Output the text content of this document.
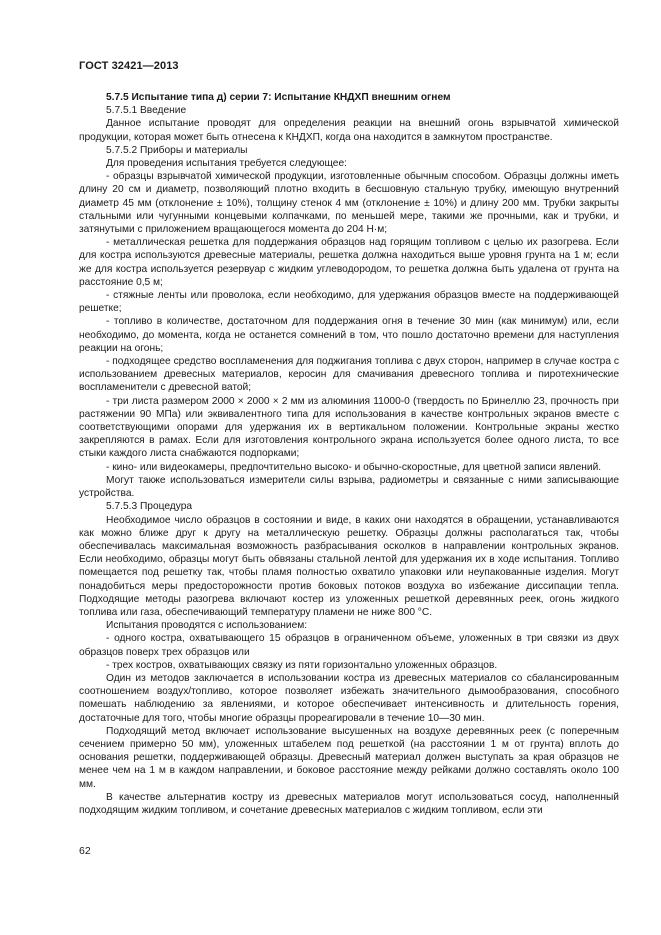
ГОСТ 32421—2013

5.7.5 Испытание типа д) серии 7: Испытание КНДХП внешним огнем

5.7.5.1 Введение

Данное испытание проводят для определения реакции на внешний огонь взрывчатой химической продукции, которая может быть отнесена к КНДХП, когда она находится в замкнутом пространстве.

5.7.5.2 Приборы и материалы

Для проведения испытания требуется следующее:

- образцы взрывчатой химической продукции, изготовленные обычным способом. Образцы должны иметь длину 20 см и диаметр, позволяющий плотно входить в бесшовную стальную трубку, имеющую внутренний диаметр 45 мм (отклонение ± 10%), толщину стенок 4 мм (отклонение ± 10%) и длину 200 мм. Трубки закрыты стальными или чугунными концевыми колпачками, по меньшей мере, такими же прочными, как и трубки, и затянутыми с приложением вращающегося момента до 204 Н·м;

- металлическая решетка для поддержания образцов над горящим топливом с целью их разогрева. Если для костра используются древесные материалы, решетка должна находиться выше уровня грунта на 1 м; если же для костра используется резервуар с жидким углеводородом, то решетка должна быть удалена от грунта на расстояние 0,5 м;

- стяжные ленты или проволока, если необходимо, для удержания образцов вместе на поддерживающей решетке;

- топливо в количестве, достаточном для поддержания огня в течение 30 мин (как минимум) или, если необходимо, до момента, когда не останется сомнений в том, что пошло достаточно времени для наступления реакции на огонь;

- подходящее средство воспламенения для поджигания топлива с двух сторон, например в случае костра с использованием древесных материалов, керосин для смачивания древесного топлива и пиротехнические воспламенители с древесной ватой;

- три листа размером 2000 × 2000 × 2 мм из алюминия 11000-0 (твердость по Бринеллю 23, прочность при растяжении 90 МПа) или эквивалентного типа для использования в качестве контрольных экранов вместе с соответствующими опорами для удержания их в вертикальном положении. Контрольные экраны жестко закрепляются в рамах. Если для изготовления контрольного экрана используется более одного листа, то все стыки каждого листа снабжаются подпорками;

- кино- или видеокамеры, предпочтительно высоко- и обычно-скоростные, для цветной записи явлений.

Могут также использоваться измерители силы взрыва, радиометры и связанные с ними записывающие устройства.

5.7.5.3 Процедура

Необходимое число образцов в состоянии и виде, в каких они находятся в обращении, устанавливаются как можно ближе друг к другу на металлическую решетку. Образцы должны располагаться так, чтобы обеспечивалась максимальная возможность разбрасывания осколков в направлении контрольных экранов. Если необходимо, образцы могут быть обвязаны стальной лентой для удержания их в ходе испытания. Топливо помещается под решетку так, чтобы пламя полностью охватило упаковки или неупакованные изделия. Могут понадобиться меры предосторожности против боковых потоков воздуха во избежание диссипации тепла. Подходящие методы разогрева включают костер из уложенных решеткой деревянных реек, огонь жидкого топлива или газа, обеспечивающий температуру пламени не ниже 800 °С.

Испытания проводятся с использованием:

- одного костра, охватывающего 15 образцов в ограниченном объеме, уложенных в три связки из двух образцов поверх трех образцов или

- трех костров, охватывающих связку из пяти горизонтально уложенных образцов.

Один из методов заключается в использовании костра из древесных материалов со сбалансированным соотношением воздух/топливо, которое позволяет избежать значительного дымообразования, способного помешать наблюдению за явлениями, и которое обеспечивает интенсивность и длительность горения, достаточные для того, чтобы многие образцы прореагировали в течение 10—30 мин.

Подходящий метод включает использование высушенных на воздухе деревянных реек (с поперечным сечением примерно 50 мм), уложенных штабелем под решеткой (на расстоянии 1 м от грунта) вплоть до основания решетки, поддерживающей образцы. Древесный материал должен выступать за края образцов не менее чем на 1 м в каждом направлении, и боковое расстояние между рейками должно составлять около 100 мм.

В качестве альтернатив костру из древесных материалов могут использоваться сосуд, наполненный подходящим жидким топливом, и сочетание древесных материалов с жидким топливом, если эти

62
